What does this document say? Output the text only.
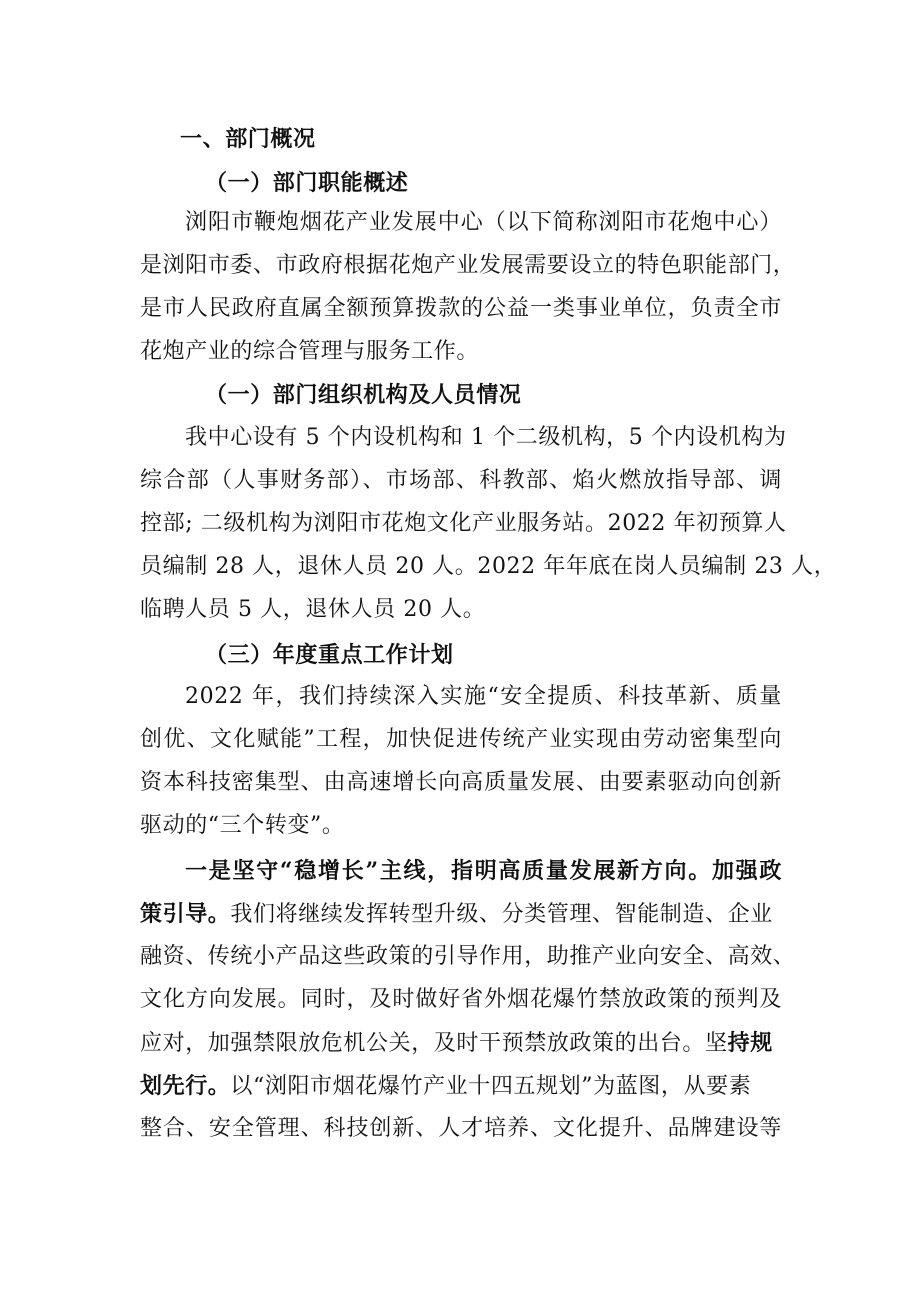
一、部门概况
（一）部门职能概述
浏阳市鞭炮烟花产业发展中心（以下简称浏阳市花炮中心）
是浏阳市委、市政府根据花炮产业发展需要设立的特色职能部门，
是市人民政府直属全额预算拨款的公益一类事业单位，负责全市
花炮产业的综合管理与服务工作。
（一）部门组织机构及人员情况
我中心设有 5 个内设机构和 1 个二级机构，5 个内设机构为
综合部（人事财务部）、市场部、科教部、焰火燃放指导部、调
控部; 二级机构为浏阳市花炮文化产业服务站。2022 年初预算人
员编制 28 人，退休人员 20 人。2022 年年底在岗人员编制 23 人，
临聘人员 5 人，退休人员 20 人。
（三）年度重点工作计划
2022 年，我们持续深入实施“安全提质、科技革新、质量
创优、文化赋能”工程，加快促进传统产业实现由劳动密集型向
资本科技密集型、由高速增长向高质量发展、由要素驱动向创新
驱动的“三个转变”。
一是坚守“稳增长”主线，指明高质量发展新方向。加强政
策引导。我们将继续发挥转型升级、分类管理、智能制造、企业
融资、传统小产品这些政策的引导作用，助推产业向安全、高效、
文化方向发展。同时，及时做好省外烟花爆竹禁放政策的预判及
应对，加强禁限放危机公关，及时干预禁放政策的出台。坚持规
划先行。以“浏阳市烟花爆竹产业十四五规划”为蓝图，从要素
整合、安全管理、科技创新、人才培养、文化提升、品牌建设等
